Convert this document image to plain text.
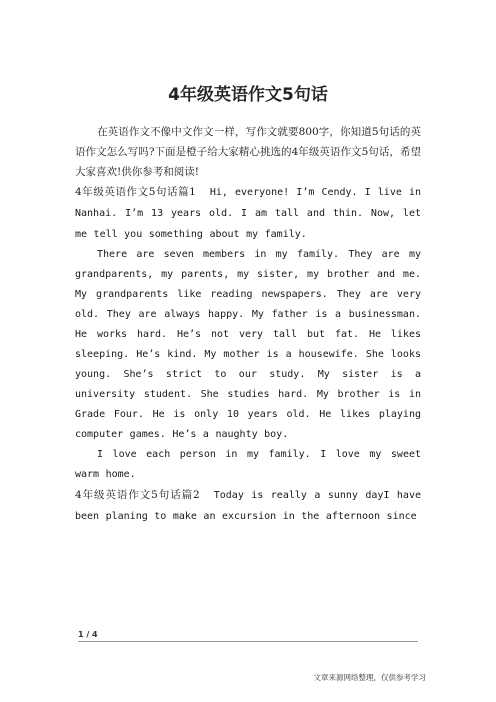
4年级英语作文5句话

在英语作文不像中文作文一样，写作文就要800字，你知道5句话的英语作文怎么写吗?下面是橙子给大家精心挑选的4年级英语作文5句话，希望大家喜欢!供你参考和阅读!

4年级英语作文5句话篇1 Hi, everyone! I’m Cendy. I live in Nanhai. I’m 13 years old. I am tall and thin. Now, let me tell you something about my family.

There are seven members in my family. They are my grandparents, my parents, my sister, my brother and me. My grandparents like reading newspapers. They are very old. They are always happy. My father is a businessman. He works hard. He’s not very tall but fat. He likes sleeping. He’s kind. My mother is a housewife. She looks young. She’s strict to our study. My sister is a university student. She studies hard. My brother is in Grade Four. He is only 10 years old. He likes playing computer games. He’s a naughty boy.

I love each person in my family. I love my sweet warm home.

4年级英语作文5句话篇2 Today is really a sunny dayI have been planing to make an excursion in the afternoon since

1 / 4
文章来源网络整理，仅供参考学习
